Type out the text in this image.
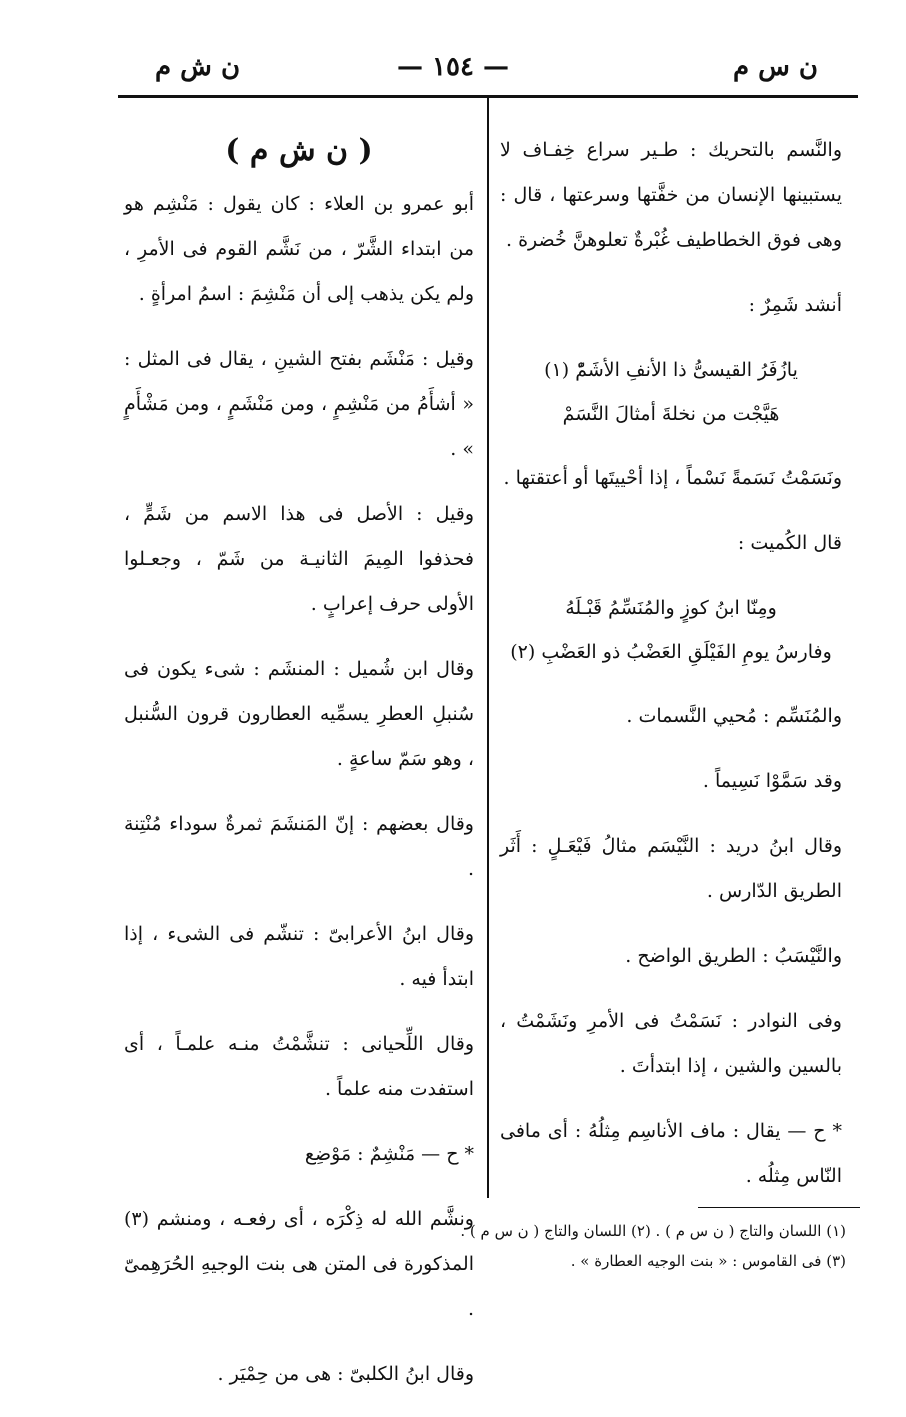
ن س م
— ١٥٤ —
ن ش م

والنَّسم بالتحريك : طـير سراع خِفـاف لا يستبينها الإنسان من خفَّتها وسرعتها ، قال : وهى فوق الخطاطيف غُبْرةٌ تعلوهنَّ خُضرة .

أنشد شَمِرٌ :

يازُفَرُ القيسىُّ ذا الأنفِ الأشَمّْ (١)

هَيَّجْت من نخلةَ أمثالَ النَّسَمْ

ونَسَمْتُ نَسَمةً نَسْماً ، إذا أحْييتَها أو أعتقتها .

قال الكُميت :

ومِنّا ابنُ كوزٍ والمُنَسِّمُ قَبْـلَهُ

وفارسُ يومِ الفَيْلَقِ العَضْبُ ذو العَضْبِ (٢)

والمُنَسِّم : مُحيي النَّسمات .

وقد سَمَّوْا نَسِيماً .

وقال ابنُ دريد : النَّيْسَم مثالُ فَيْعَـلٍ : أَثَر الطريق الدّارس .

والنَّيْسَبُ : الطريق الواضح .

وفى النوادر : نَسَمْتُ فى الأمرِ ونَشَمْتُ ، بالسين والشين ، إذا ابتدأتَ .

* ح — يقال : ماف الأناسِم مِثلُهُ : أى مافى النّاس مِثلُه .

( ن ش م )

أبو عمرو بن العلاء : كان يقول : مَنْشِم هو من ابتداء الشَّرّ ، من نَشَّم القوم فى الأمرِ ، ولم يكن يذهب إلى أن مَنْشِمَ : اسمُ امرأةٍ .

وقيل : مَنْشَم بفتح الشينِ ، يقال فى المثل : « أشأَمُ من مَنْشِمٍ ، ومن مَنْشَمٍ ، ومن مَشْأَمٍ » .

وقيل : الأصل فى هذا الاسم من شَمٍّ ، فحذفوا المِيمَ الثانيـة من شَمّ ، وجعـلوا الأولى حرف إعرابٍ .

وقال ابن شُميل : المنشَم : شىء يكون فى سُنبلِ العطرِ يسمِّيه العطارون قرون السُّنبل ، وهو سَمّ ساعةٍ .

وقال بعضهم : إنّ المَنشَمَ ثمرةٌ سوداء مُنْتِنة .

وقال ابنُ الأعرابىّ : تنشّم فى الشىء ، إذا ابتدأ فيه .

وقال اللِّحيانى : تنشَّمْتُ منـه علمـاً ، أى استفدت منه علماً .

* ح — مَنْشِمٌ : مَوْضِع

ونشَّم الله له ذِكْرَه ، أى رفعـه ، ومنشم (٣) المذكورة فى المتن هى بنت الوجيهِ الحُرَهِمىّ .

وقال ابنُ الكلبىّ : هى من حِمْيَر .

(١) اللسان والتاج ( ن س م ) . (٢) اللسان والتاج ( ن س م ) .
(٣) فى القاموس : « بنت الوجيه العطارة » .
